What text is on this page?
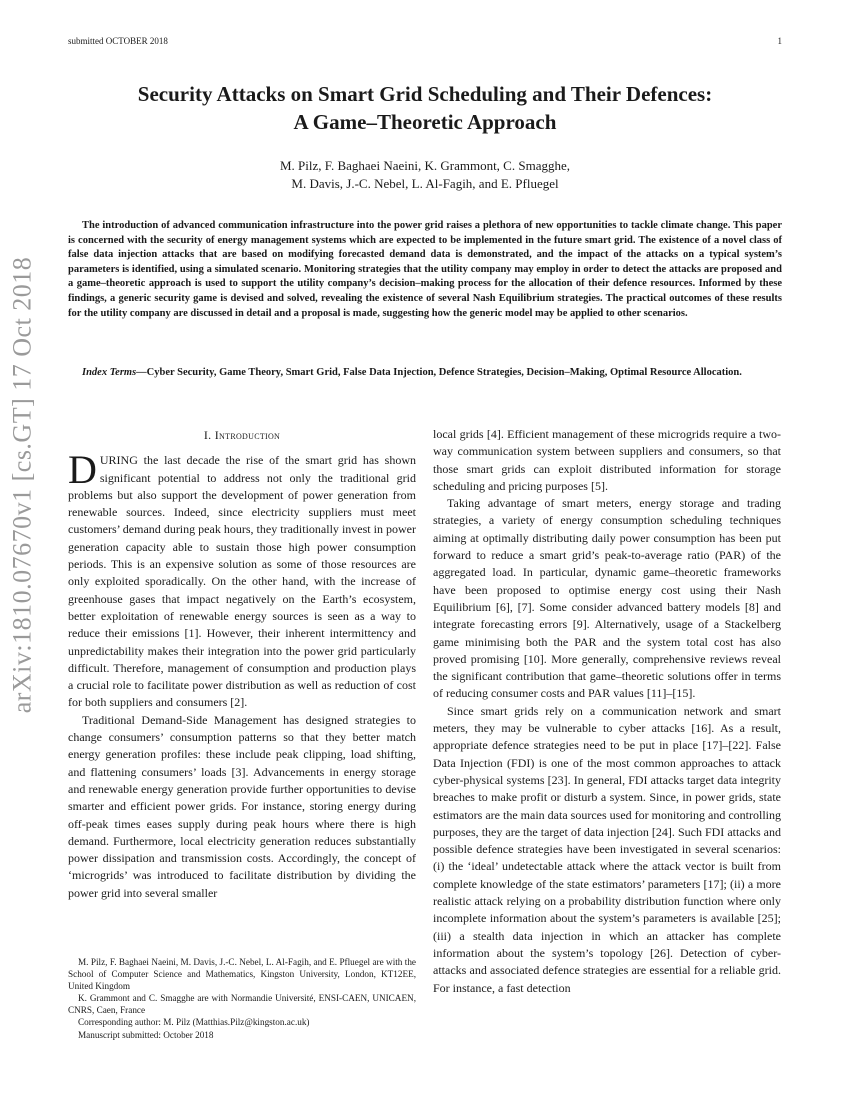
submitted OCTOBER 2018	1
arXiv:1810.07670v1 [cs.GT] 17 Oct 2018
Security Attacks on Smart Grid Scheduling and Their Defences:
A Game–Theoretic Approach
M. Pilz, F. Baghaei Naeini, K. Grammont, C. Smagghe,
M. Davis, J.-C. Nebel, L. Al-Fagih, and E. Pfluegel
The introduction of advanced communication infrastructure into the power grid raises a plethora of new opportunities to tackle climate change. This paper is concerned with the security of energy management systems which are expected to be implemented in the future smart grid. The existence of a novel class of false data injection attacks that are based on modifying forecasted demand data is demonstrated, and the impact of the attacks on a typical system’s parameters is identified, using a simulated scenario. Monitoring strategies that the utility company may employ in order to detect the attacks are proposed and a game–theoretic approach is used to support the utility company’s decision–making process for the allocation of their defence resources. Informed by these findings, a generic security game is devised and solved, revealing the existence of several Nash Equilibrium strategies. The practical outcomes of these results for the utility company are discussed in detail and a proposal is made, suggesting how the generic model may be applied to other scenarios.
Index Terms—Cyber Security, Game Theory, Smart Grid, False Data Injection, Defence Strategies, Decision–Making, Optimal Resource Allocation.
I. Introduction

DURING the last decade the rise of the smart grid has shown significant potential to address not only the traditional grid problems but also support the development of power generation from renewable sources. Indeed, since electricity suppliers must meet customers’ demand during peak hours, they traditionally invest in power generation capacity able to sustain those high power consumption periods. This is an expensive solution as some of those resources are only exploited sporadically. On the other hand, with the increase of greenhouse gases that impact negatively on the Earth’s ecosystem, better exploitation of renewable energy sources is seen as a way to reduce their emissions [1]. However, their inherent intermittency and unpredictability makes their integration into the power grid particularly difficult. Therefore, management of consumption and production plays a crucial role to facilitate power distribution as well as reduction of cost for both suppliers and consumers [2].

Traditional Demand-Side Management has designed strategies to change consumers’ consumption patterns so that they better match energy generation profiles: these include peak clipping, load shifting, and flattening consumers’ loads [3]. Advancements in energy storage and renewable energy generation provide further opportunities to devise smarter and efficient power grids. For instance, storing energy during off-peak times eases supply during peak hours where there is high demand. Furthermore, local electricity generation reduces substantially power dissipation and transmission costs. Accordingly, the concept of ‘microgrids’ was introduced to facilitate distribution by dividing the power grid into several smaller

M. Pilz, F. Baghaei Naeini, M. Davis, J.-C. Nebel, L. Al-Fagih, and E. Pfluegel are with the School of Computer Science and Mathematics, Kingston University, London, KT12EE, United Kingdom

K. Grammont and C. Smagghe are with Normandie Université, ENSI-CAEN, UNICAEN, CNRS, Caen, France

Corresponding author: M. Pilz (Matthias.Pilz@kingston.ac.uk)

Manuscript submitted: October 2018

local grids [4]. Efficient management of these microgrids require a two-way communication system between suppliers and consumers, so that those smart grids can exploit distributed information for storage scheduling and pricing purposes [5].

Taking advantage of smart meters, energy storage and trading strategies, a variety of energy consumption scheduling techniques aiming at optimally distributing daily power consumption has been put forward to reduce a smart grid’s peak-to-average ratio (PAR) of the aggregated load. In particular, dynamic game–theoretic frameworks have been proposed to optimise energy cost using their Nash Equilibrium [6], [7]. Some consider advanced battery models [8] and integrate forecasting errors [9]. Alternatively, usage of a Stackelberg game minimising both the PAR and the system total cost has also proved promising [10]. More generally, comprehensive reviews reveal the significant contribution that game–theoretic solutions offer in terms of reducing consumer costs and PAR values [11]–[15].

Since smart grids rely on a communication network and smart meters, they may be vulnerable to cyber attacks [16]. As a result, appropriate defence strategies need to be put in place [17]–[22]. False Data Injection (FDI) is one of the most common approaches to attack cyber-physical systems [23]. In general, FDI attacks target data integrity breaches to make profit or disturb a system. Since, in power grids, state estimators are the main data sources used for monitoring and controlling purposes, they are the target of data injection [24]. Such FDI attacks and possible defence strategies have been investigated in several scenarios: (i) the ‘ideal’ undetectable attack where the attack vector is built from complete knowledge of the state estimators’ parameters [17]; (ii) a more realistic attack relying on a probability distribution function where only incomplete information about the system’s parameters is available [25]; (iii) a stealth data injection in which an attacker has complete information about the system’s topology [26]. Detection of cyber-attacks and associated defence strategies are essential for a reliable grid. For instance, a fast detection
